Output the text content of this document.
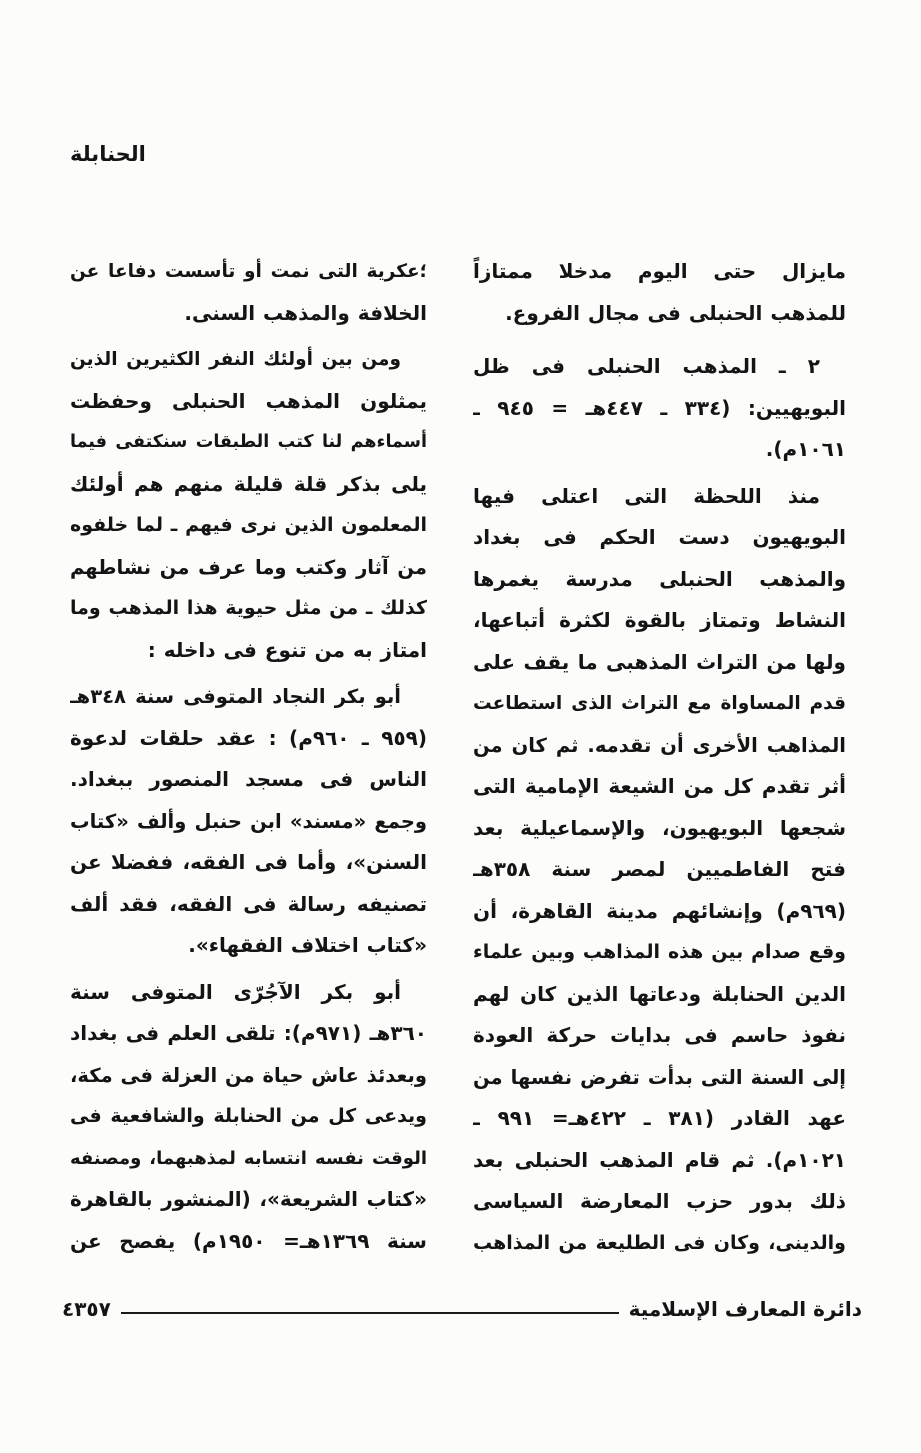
الحنابلة
مايزال حتى اليوم مدخلا ممتازاً
للمذهب الحنبلى فى مجال الفروع.
٢ ـ المذهب الحنبلى فى ظل
البويهيين: (٣٣٤ ـ ٤٤٧هـ = ٩٤٥ ـ
١٠٦١م).
منذ اللحظة التى اعتلى فيها
البويهيون دست الحكم فى بغداد
والمذهب الحنبلى مدرسة يغمرها
النشاط وتمتاز بالقوة لكثرة أتباعها،
ولها من التراث المذهبى ما يقف على
قدم المساواة مع التراث الذى استطاعت
المذاهب الأخرى أن تقدمه. ثم كان من
أثر تقدم كل من الشيعة الإمامية التى
شجعها البويهيون، والإسماعيلية بعد
فتح الفاطميين لمصر سنة ٣٥٨هـ
(٩٦٩م) وإنشائهم مدينة القاهرة، أن
وقع صدام بين هذه المذاهب وبين علماء
الدين الحنابلة ودعاتها الذين كان لهم
نفوذ حاسم فى بدايات حركة العودة
إلى السنة التى بدأت تفرض نفسها من
عهد القادر (٣٨١ ـ ٤٢٢هـ= ٩٩١ ـ
١٠٢١م). ثم قام المذهب الحنبلى بعد
ذلك بدور حزب المعارضة السياسى
والدينى، وكان فى الطليعة من المذاهب
؛عكرية التى نمت أو تأسست دفاعا عن
الخلافة والمذهب السنى.
ومن بين أولئك النفر الكثيرين الذين
يمثلون المذهب الحنبلى وحفظت
أسماءهم لنا كتب الطبقات سنكتفى فيما
يلى بذكر قلة قليلة منهم هم أولئك
المعلمون الذين نرى فيهم ـ لما خلفوه
من آثار وكتب وما عرف من نشاطهم
كذلك ـ من مثل حيوية هذا المذهب وما
امتاز به من تنوع فى داخله :
أبو بكر النجاد المتوفى سنة ٣٤٨هـ
(٩٥٩ ـ ٩٦٠م) : عقد حلقات لدعوة
الناس فى مسجد المنصور ببغداد.
وجمع «مسند» ابن حنبل وألف «كتاب
السنن»، وأما فى الفقه، ففضلا عن
تصنيفه رسالة فى الفقه، فقد ألف
«كتاب اختلاف الفقهاء».
أبو بكر الآجُرّى المتوفى سنة
٣٦٠هـ (٩٧١م): تلقى العلم فى بغداد
وبعدئذ عاش حياة من العزلة فى مكة،
ويدعى كل من الحنابلة والشافعية فى
الوقت نفسه انتسابه لمذهبهما، ومصنفه
«كتاب الشريعة»، (المنشور بالقاهرة
سنة ١٣٦٩هـ= ١٩٥٠م) يفصح عن
دائرة المعارف الإسلامية
٤٣٥٧
